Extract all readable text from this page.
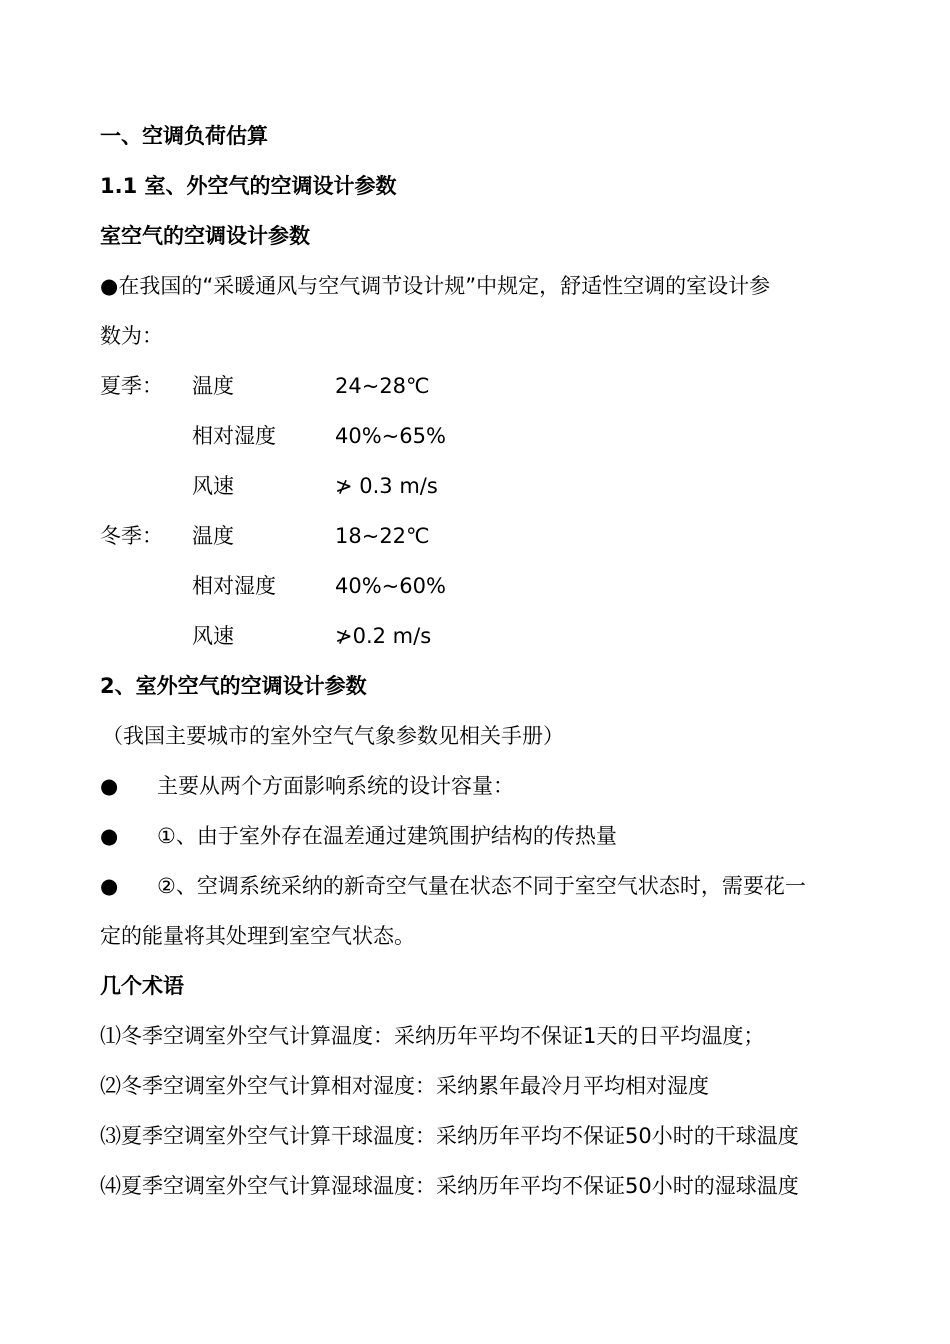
一、空调负荷估算
1.1 室、外空气的空调设计参数
室空气的空调设计参数
●在我国的“采暖通风与空气调节设计规”中规定，舒适性空调的室设计参
数为：
夏季： 温度	24~28℃
相对湿度	40%~65%
风速	≯ 0.3 m/s
冬季： 温度	18~22℃
相对湿度	40%~60%
风速	≯0.2 m/s
2、室外空气的空调设计参数
（我国主要城市的室外空气气象参数见相关手册）
● 主要从两个方面影响系统的设计容量：
● ①、由于室外存在温差通过建筑围护结构的传热量
● ②、空调系统采纳的新奇空气量在状态不同于室空气状态时，需要花一
定的能量将其处理到室空气状态。
几个术语
⑴冬季空调室外空气计算温度：采纳历年平均不保证1天的日平均温度；
⑵冬季空调室外空气计算相对湿度：采纳累年最冷月平均相对湿度
⑶夏季空调室外空气计算干球温度：采纳历年平均不保证50小时的干球温度
⑷夏季空调室外空气计算湿球温度：采纳历年平均不保证50小时的湿球温度
